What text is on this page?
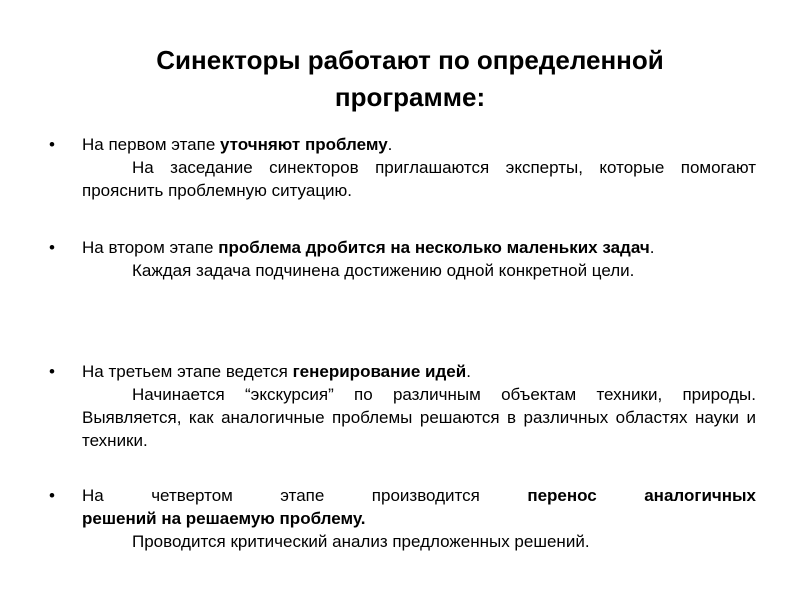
Синекторы работают по определенной
программе:
• На первом этапе уточняют проблему.
На заседание синекторов приглашаются эксперты, которые помогают прояснить проблемную ситуацию.
• На втором этапе проблема дробится на несколько маленьких задач.
Каждая задача подчинена достижению одной конкретной цели.
• На третьем этапе ведется генерирование идей.
Начинается “экскурсия” по различным объектам техники, природы. Выявляется, как аналогичные проблемы решаются в различных областях науки и техники.
• На четвертом этапе производится перенос аналогичных
решений на решаемую проблему.
Проводится критический анализ предложенных решений.
